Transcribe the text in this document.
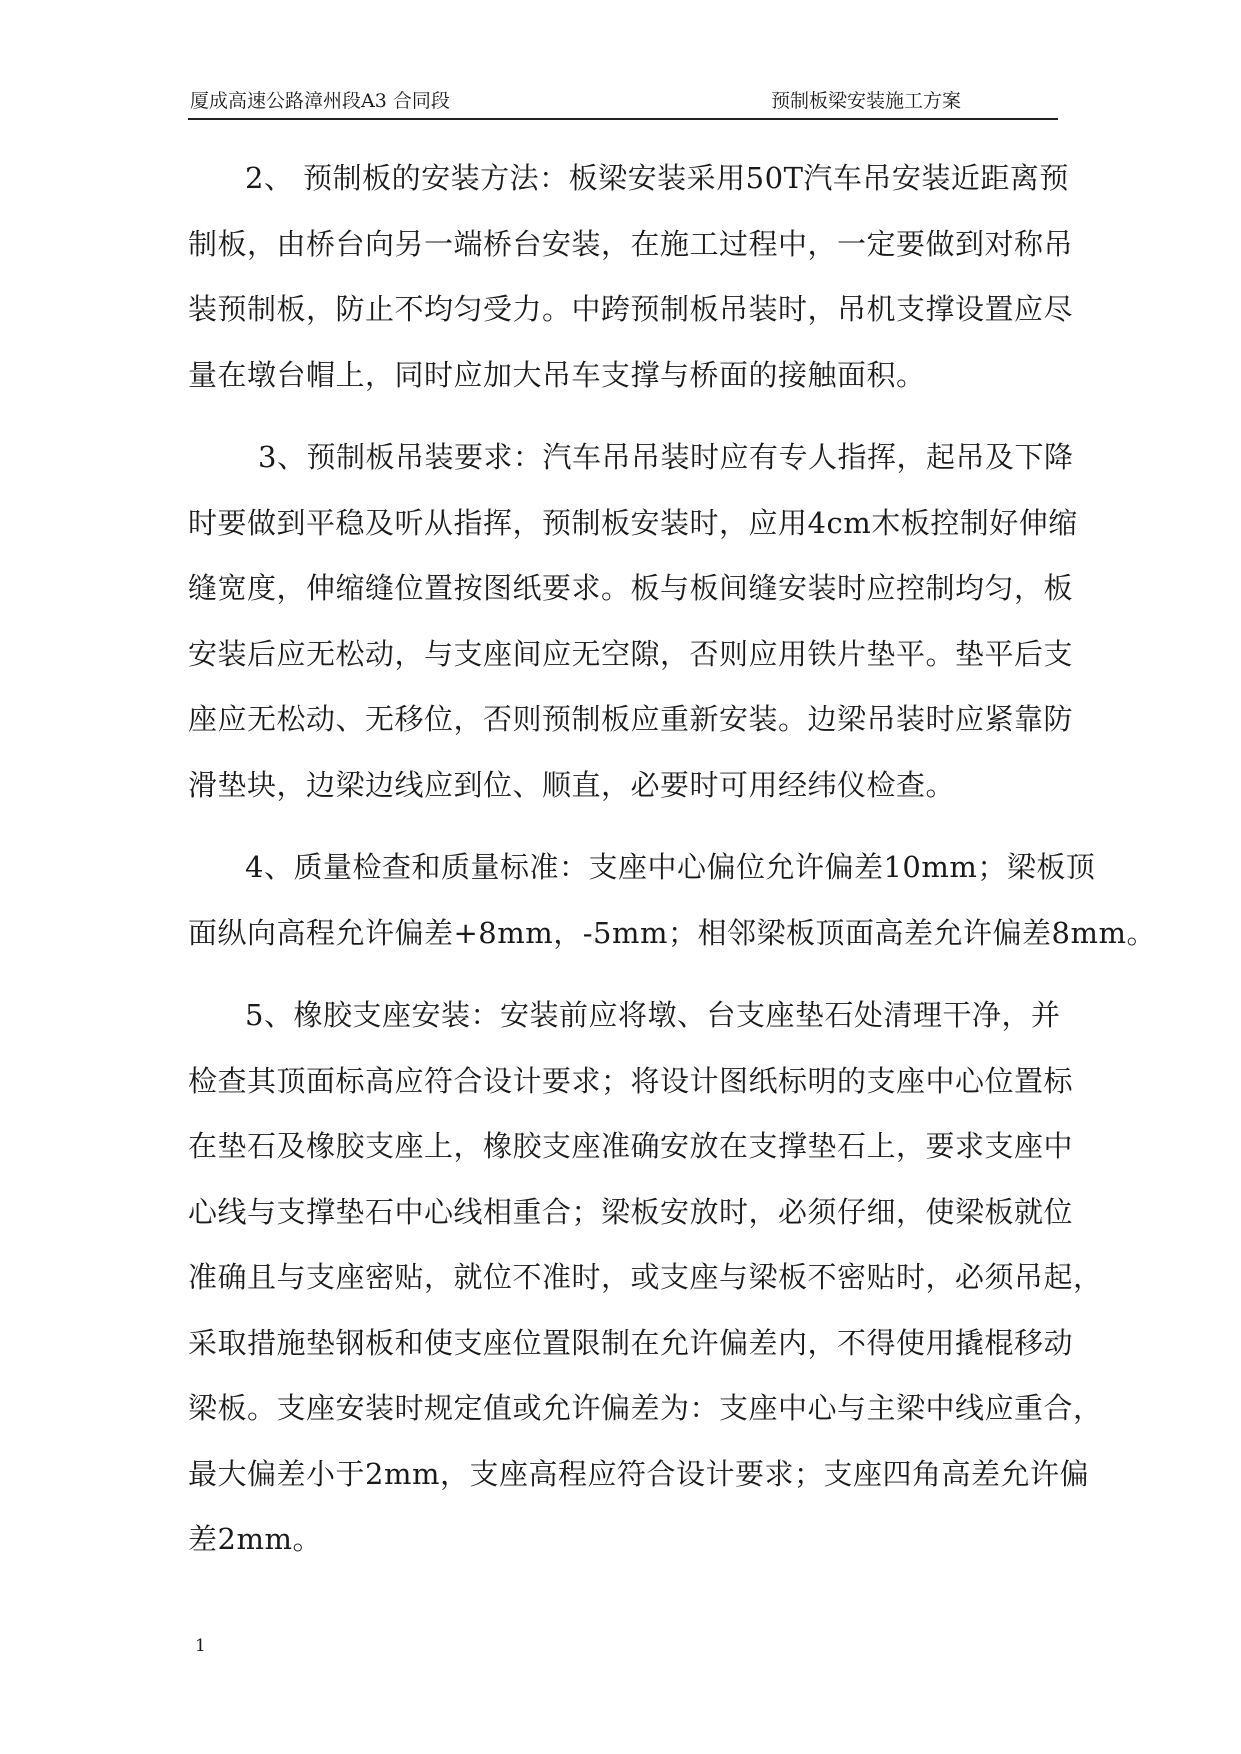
厦成高速公路漳州段A3 合同段	预制板梁安装施工方案

2、 预制板的安装方法：板梁安装采用50T汽车吊安装近距离预
制板，由桥台向另一端桥台安装，在施工过程中，一定要做到对称吊
装预制板，防止不均匀受力。中跨预制板吊装时，吊机支撑设置应尽
量在墩台帽上，同时应加大吊车支撑与桥面的接触面积。

3、预制板吊装要求：汽车吊吊装时应有专人指挥，起吊及下降
时要做到平稳及听从指挥，预制板安装时，应用4cm木板控制好伸缩
缝宽度，伸缩缝位置按图纸要求。板与板间缝安装时应控制均匀，板
安装后应无松动，与支座间应无空隙，否则应用铁片垫平。垫平后支
座应无松动、无移位，否则预制板应重新安装。边梁吊装时应紧靠防
滑垫块，边梁边线应到位、顺直，必要时可用经纬仪检查。

4、质量检查和质量标准：支座中心偏位允许偏差10mm；梁板顶
面纵向高程允许偏差+8mm，-5mm；相邻梁板顶面高差允许偏差8mm。

5、橡胶支座安装：安装前应将墩、台支座垫石处清理干净，并
检查其顶面标高应符合设计要求；将设计图纸标明的支座中心位置标
在垫石及橡胶支座上，橡胶支座准确安放在支撑垫石上，要求支座中
心线与支撑垫石中心线相重合；梁板安放时，必须仔细，使梁板就位
准确且与支座密贴，就位不准时，或支座与梁板不密贴时，必须吊起，
采取措施垫钢板和使支座位置限制在允许偏差内，不得使用撬棍移动
梁板。支座安装时规定值或允许偏差为：支座中心与主梁中线应重合，
最大偏差小于2mm，支座高程应符合设计要求；支座四角高差允许偏
差2mm。

1
